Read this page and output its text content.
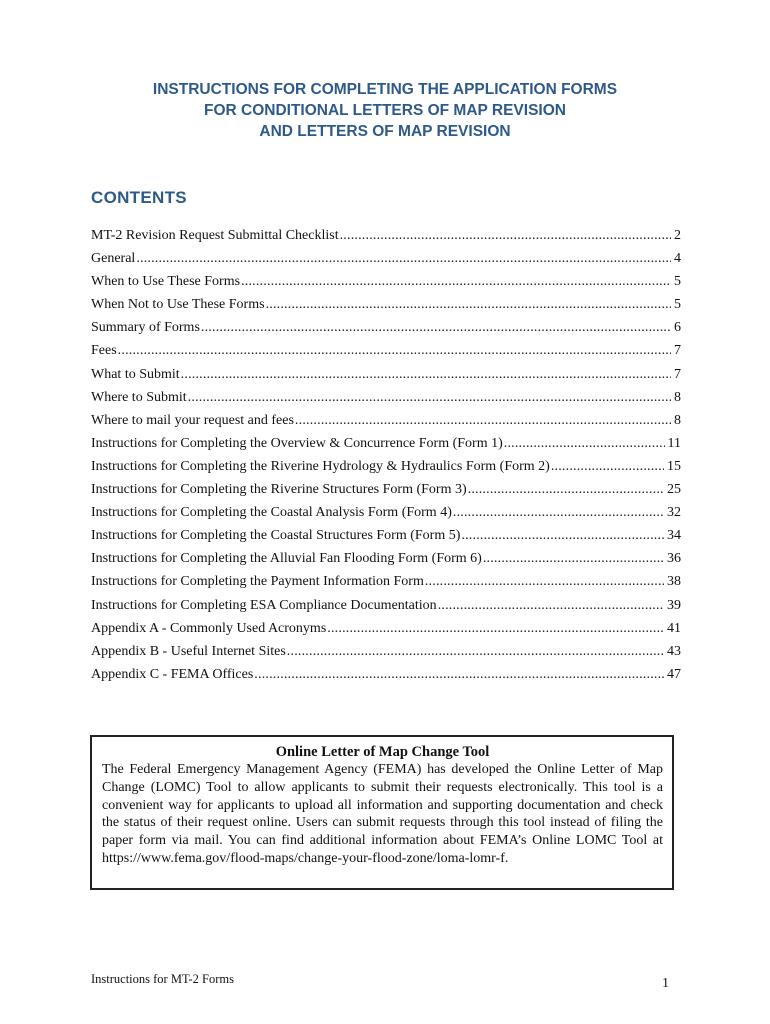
INSTRUCTIONS FOR COMPLETING THE APPLICATION FORMS
FOR CONDITIONAL LETTERS OF MAP REVISION
AND LETTERS OF MAP REVISION
CONTENTS
MT-2 Revision Request Submittal Checklist .....	2
General .....	4
When to Use These Forms .....	5
When Not to Use These Forms .....	5
Summary of Forms .....	6
Fees .....	7
What to Submit .....	7
Where to Submit .....	8
Where to mail your request and fees .....	8
Instructions for Completing the Overview & Concurrence Form (Form 1) .....	11
Instructions for Completing the Riverine Hydrology & Hydraulics Form (Form 2) .....	15
Instructions for Completing the Riverine Structures Form (Form 3) .....	25
Instructions for Completing the Coastal Analysis Form (Form 4) .....	32
Instructions for Completing the Coastal Structures Form (Form 5) .....	34
Instructions for Completing the Alluvial Fan Flooding Form (Form 6) .....	36
Instructions for Completing the Payment Information Form .....	38
Instructions for Completing ESA Compliance Documentation .....	39
Appendix A - Commonly Used Acronyms .....	41
Appendix B - Useful Internet Sites .....	43
Appendix C - FEMA Offices .....	47
Online Letter of Map Change Tool
The Federal Emergency Management Agency (FEMA) has developed the Online Letter of Map Change (LOMC) Tool to allow applicants to submit their requests electronically. This tool is a convenient way for applicants to upload all information and supporting documentation and check the status of their request online. Users can submit requests through this tool instead of filing the paper form via mail. You can find additional information about FEMA’s Online LOMC Tool at https://www.fema.gov/flood-maps/change-your-flood-zone/loma-lomr-f.
Instructions for MT-2 Forms	1
